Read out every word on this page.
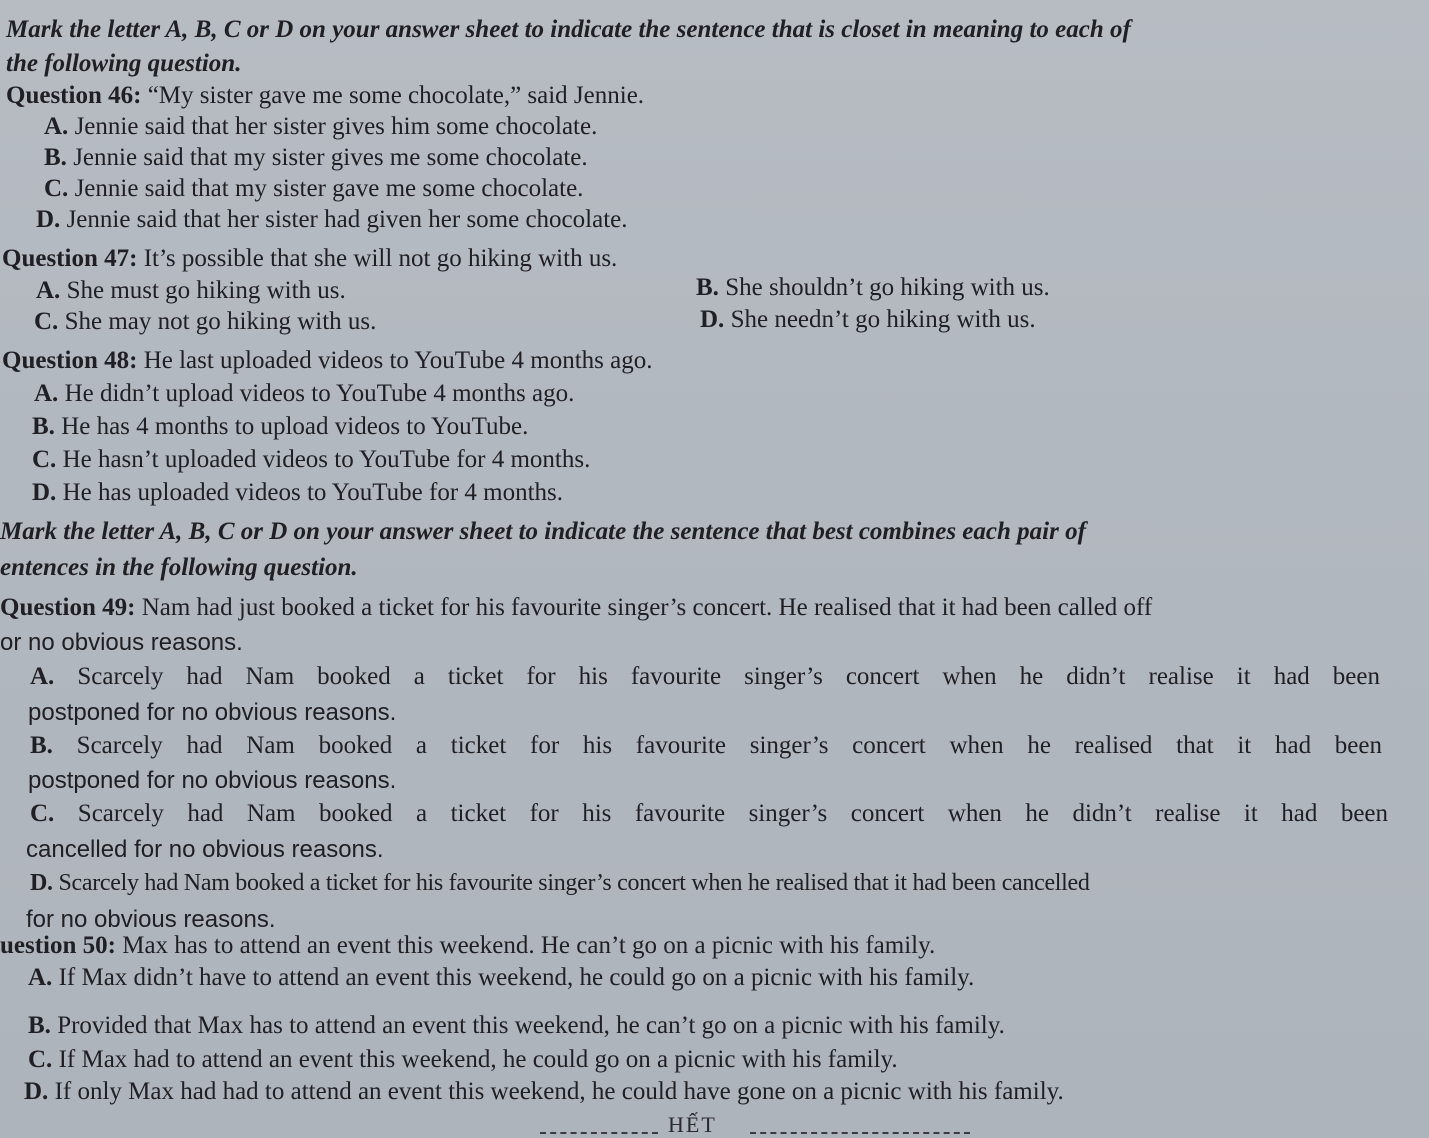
Mark the letter A, B, C or D on your answer sheet to indicate the sentence that is closet in meaning to each of
the following question.
Question 46: “My sister gave me some chocolate,” said Jennie.
A. Jennie said that her sister gives him some chocolate.
B. Jennie said that my sister gives me some chocolate.
C. Jennie said that my sister gave me some chocolate.
D. Jennie said that her sister had given her some chocolate.
Question 47: It’s possible that she will not go hiking with us.
A. She must go hiking with us.	B. She shouldn’t go hiking with us.
C. She may not go hiking with us.	D. She needn’t go hiking with us.
Question 48: He last uploaded videos to YouTube 4 months ago.
A. He didn’t upload videos to YouTube 4 months ago.
B. He has 4 months to upload videos to YouTube.
C. He hasn’t uploaded videos to YouTube for 4 months.
D. He has uploaded videos to YouTube for 4 months.
Mark the letter A, B, C or D on your answer sheet to indicate the sentence that best combines each pair of
entences in the following question.
Question 49: Nam had just booked a ticket for his favourite singer’s concert. He realised that it had been called off
or no obvious reasons.
A. Scarcely had Nam booked a ticket for his favourite singer’s concert when he didn’t realise it had been
postponed for no obvious reasons.
B. Scarcely had Nam booked a ticket for his favourite singer’s concert when he realised that it had been
postponed for no obvious reasons.
C. Scarcely had Nam booked a ticket for his favourite singer’s concert when he didn’t realise it had been
cancelled for no obvious reasons.
D. Scarcely had Nam booked a ticket for his favourite singer’s concert when he realised that it had been cancelled
for no obvious reasons.
uestion 50: Max has to attend an event this weekend. He can’t go on a picnic with his family.
A. If Max didn’t have to attend an event this weekend, he could go on a picnic with his family.
B. Provided that Max has to attend an event this weekend, he can’t go on a picnic with his family.
C. If Max had to attend an event this weekend, he could go on a picnic with his family.
D. If only Max had had to attend an event this weekend, he could have gone on a picnic with his family.
HẾT
